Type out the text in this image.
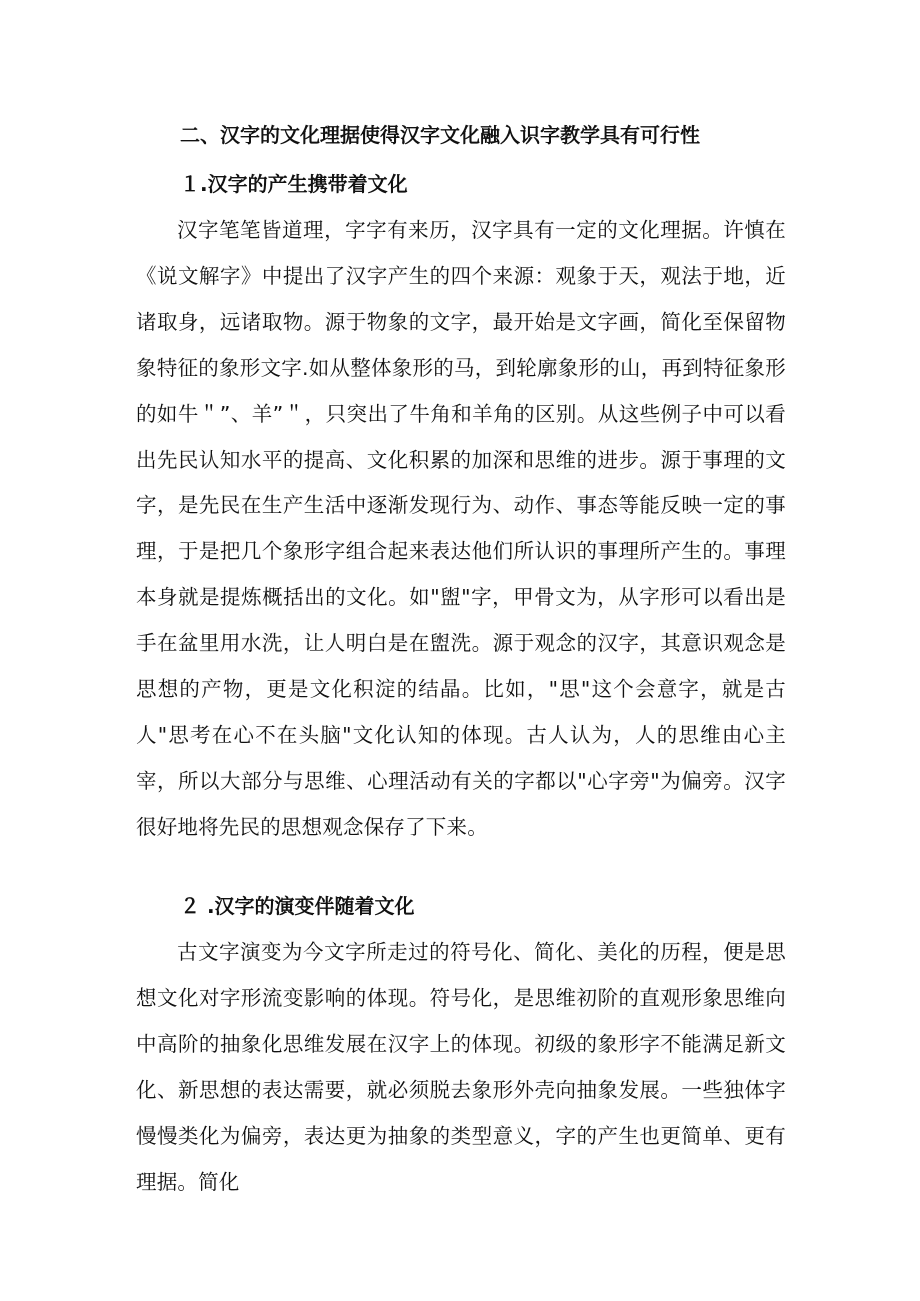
二、汉字的文化理据使得汉字文化融入识字教学具有可行性
１.汉字的产生携带着文化

汉字笔笔皆道理，字字有来历，汉字具有一定的文化理据。许慎在《说文解字》中提出了汉字产生的四个来源：观象于天，观法于地，近诸取身，远诸取物。源于物象的文字，最开始是文字画，简化至保留物象特征的象形文字.如从整体象形的马，到轮廓象形的山，再到特征象形的如牛＂”、羊”＂，只突出了牛角和羊角的区别。从这些例子中可以看出先民认知水平的提高、文化积累的加深和思维的进步。源于事理的文字，是先民在生产生活中逐渐发现行为、动作、事态等能反映一定的事理，于是把几个象形字组合起来表达他们所认识的事理所产生的。事理本身就是提炼概括出的文化。如"盥"字，甲骨文为，从字形可以看出是手在盆里用水洗，让人明白是在盥洗。源于观念的汉字，其意识观念是思想的产物，更是文化积淀的结晶。比如，"思"这个会意字，就是古人"思考在心不在头脑"文化认知的体现。古人认为，人的思维由心主宰，所以大部分与思维、心理活动有关的字都以"心字旁"为偏旁。汉字很好地将先民的思想观念保存了下来。

２ .汉字的演变伴随着文化

古文字演变为今文字所走过的符号化、简化、美化的历程，便是思想文化对字形流变影响的体现。符号化，是思维初阶的直观形象思维向中高阶的抽象化思维发展在汉字上的体现。初级的象形字不能满足新文化、新思想的表达需要，就必须脱去象形外壳向抽象发展。一些独体字慢慢类化为偏旁，表达更为抽象的类型意义，字的产生也更简单、更有理据。简化
